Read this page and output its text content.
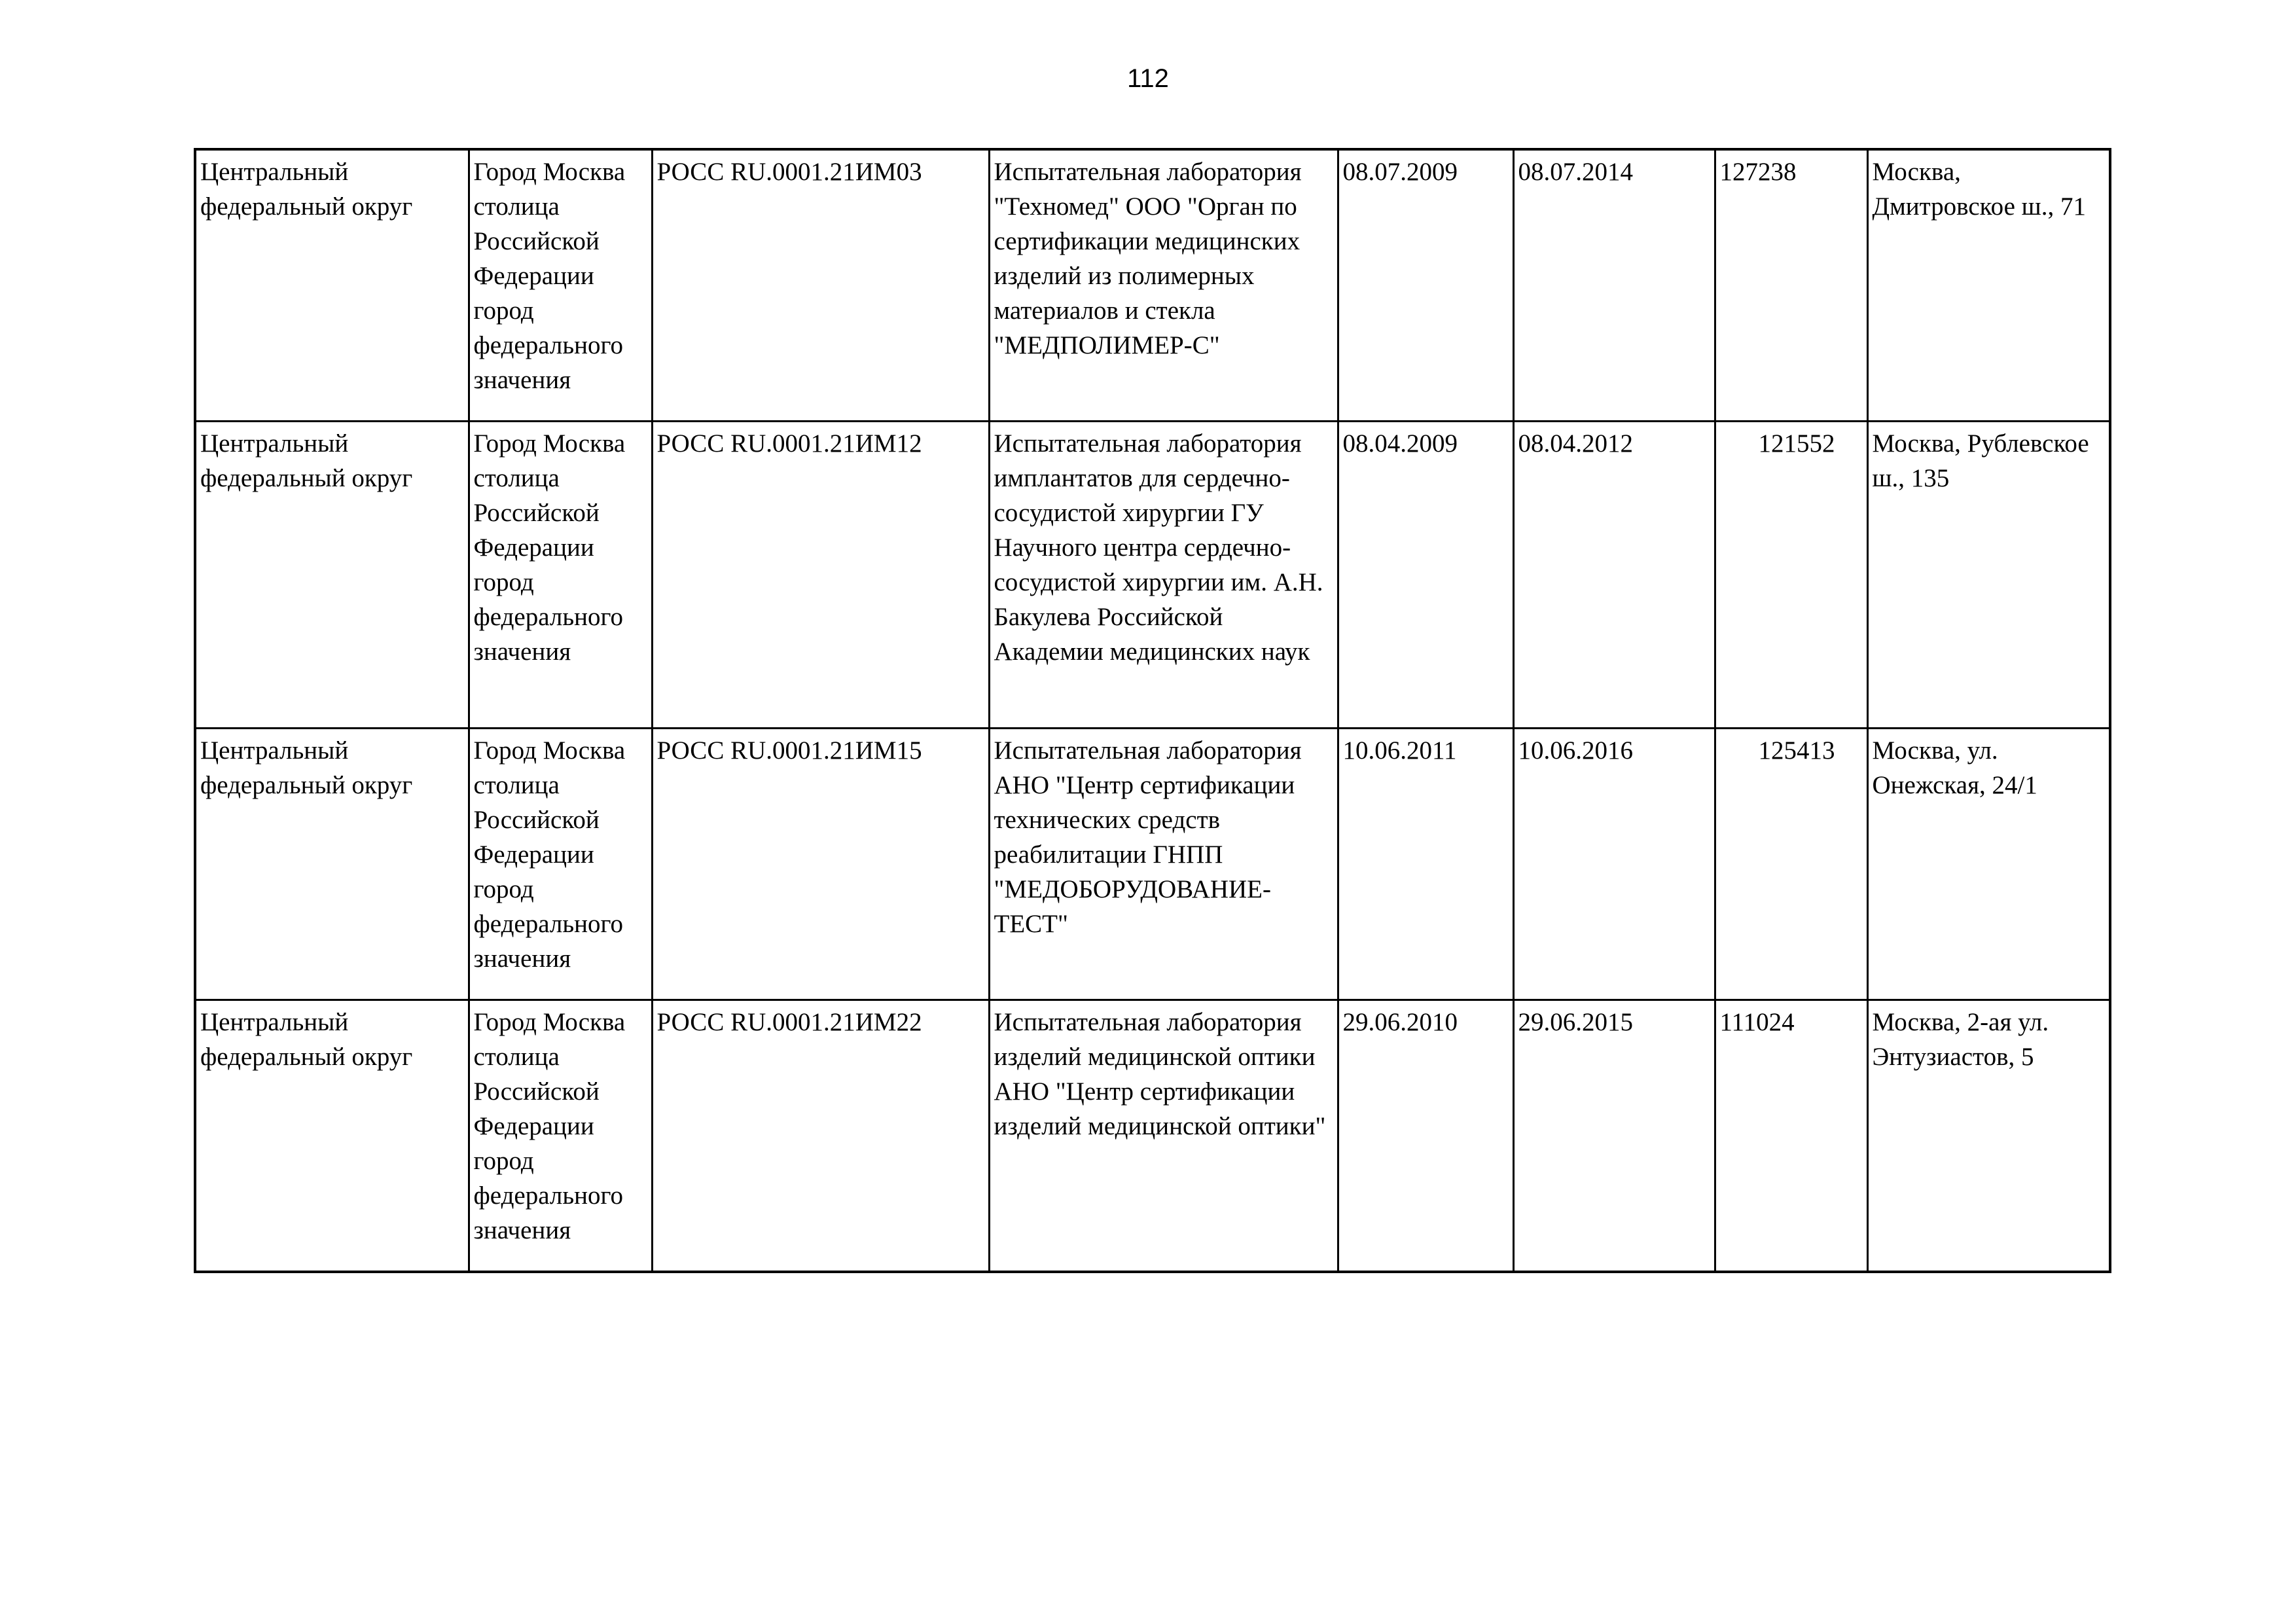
112
Центральный федеральный округ	Город Москва столица Российской Федерации город федерального значения	РОСС RU.0001.21ИМ03	Испытательная лаборатория "Техномед" ООО "Орган по сертификации медицинских изделий из полимерных материалов и стекла "МЕДПОЛИМЕР-С"	08.07.2009	08.07.2014	127238	Москва, Дмитровское ш., 71
Центральный федеральный округ	Город Москва столица Российской Федерации город федерального значения	РОСС RU.0001.21ИМ12	Испытательная лаборатория имплантатов для сердечно-сосудистой хирургии ГУ Научного центра сердечно-сосудистой хирургии им. А.Н. Бакулева Российской Академии медицинских наук	08.04.2009	08.04.2012	121552	Москва, Рублевское ш., 135
Центральный федеральный округ	Город Москва столица Российской Федерации город федерального значения	РОСС RU.0001.21ИМ15	Испытательная лаборатория АНО "Центр сертификации технических средств реабилитации ГНПП "МЕДОБОРУДОВАНИЕ-ТЕСТ"	10.06.2011	10.06.2016	125413	Москва, ул. Онежская, 24/1
Центральный федеральный округ	Город Москва столица Российской Федерации город федерального значения	РОСС RU.0001.21ИМ22	Испытательная лаборатория изделий медицинской оптики АНО "Центр сертификации изделий медицинской оптики"	29.06.2010	29.06.2015	111024	Москва, 2-ая ул. Энтузиастов, 5
